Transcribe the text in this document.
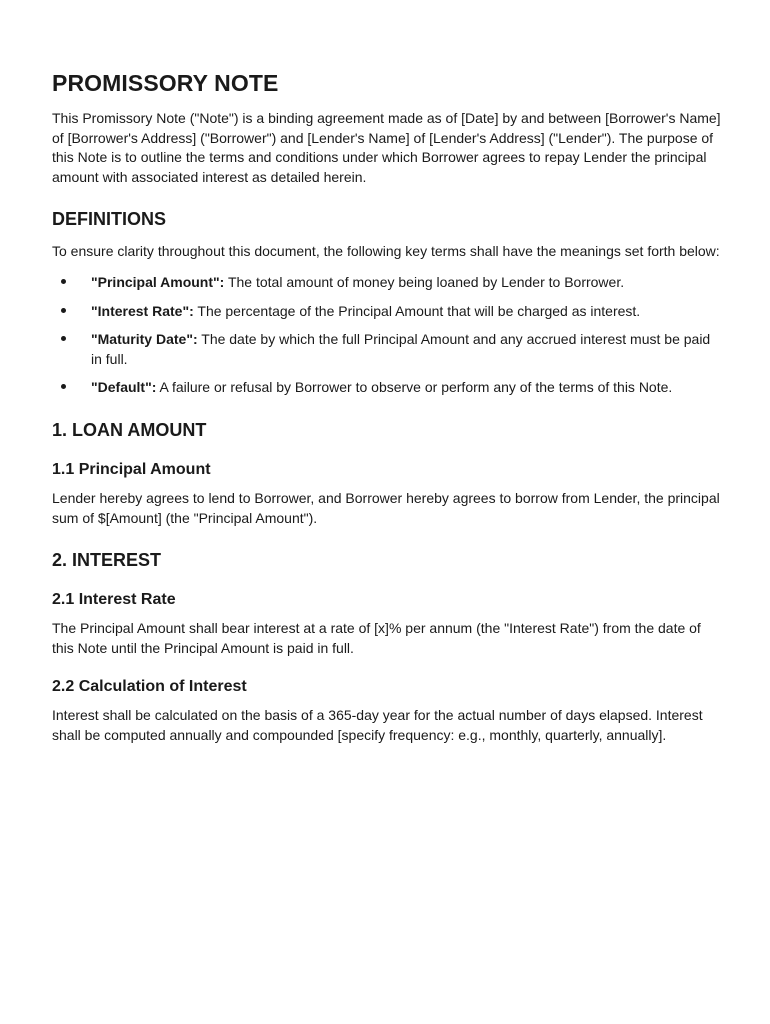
PROMISSORY NOTE

This Promissory Note ("Note") is a binding agreement made as of [Date] by and between [Borrower's Name] of [Borrower's Address] ("Borrower") and [Lender's Name] of [Lender's Address] ("Lender"). The purpose of this Note is to outline the terms and conditions under which Borrower agrees to repay Lender the principal amount with associated interest as detailed herein.

DEFINITIONS

To ensure clarity throughout this document, the following key terms shall have the meanings set forth below:

"Principal Amount": The total amount of money being loaned by Lender to Borrower.
"Interest Rate": The percentage of the Principal Amount that will be charged as interest.
"Maturity Date": The date by which the full Principal Amount and any accrued interest must be paid in full.
"Default": A failure or refusal by Borrower to observe or perform any of the terms of this Note.
1. LOAN AMOUNT
1.1 Principal Amount

Lender hereby agrees to lend to Borrower, and Borrower hereby agrees to borrow from Lender, the principal sum of $[Amount] (the "Principal Amount").

2. INTEREST
2.1 Interest Rate

The Principal Amount shall bear interest at a rate of [x]% per annum (the "Interest Rate") from the date of this Note until the Principal Amount is paid in full.

2.2 Calculation of Interest

Interest shall be calculated on the basis of a 365-day year for the actual number of days elapsed. Interest shall be computed annually and compounded [specify frequency: e.g., monthly, quarterly, annually].
